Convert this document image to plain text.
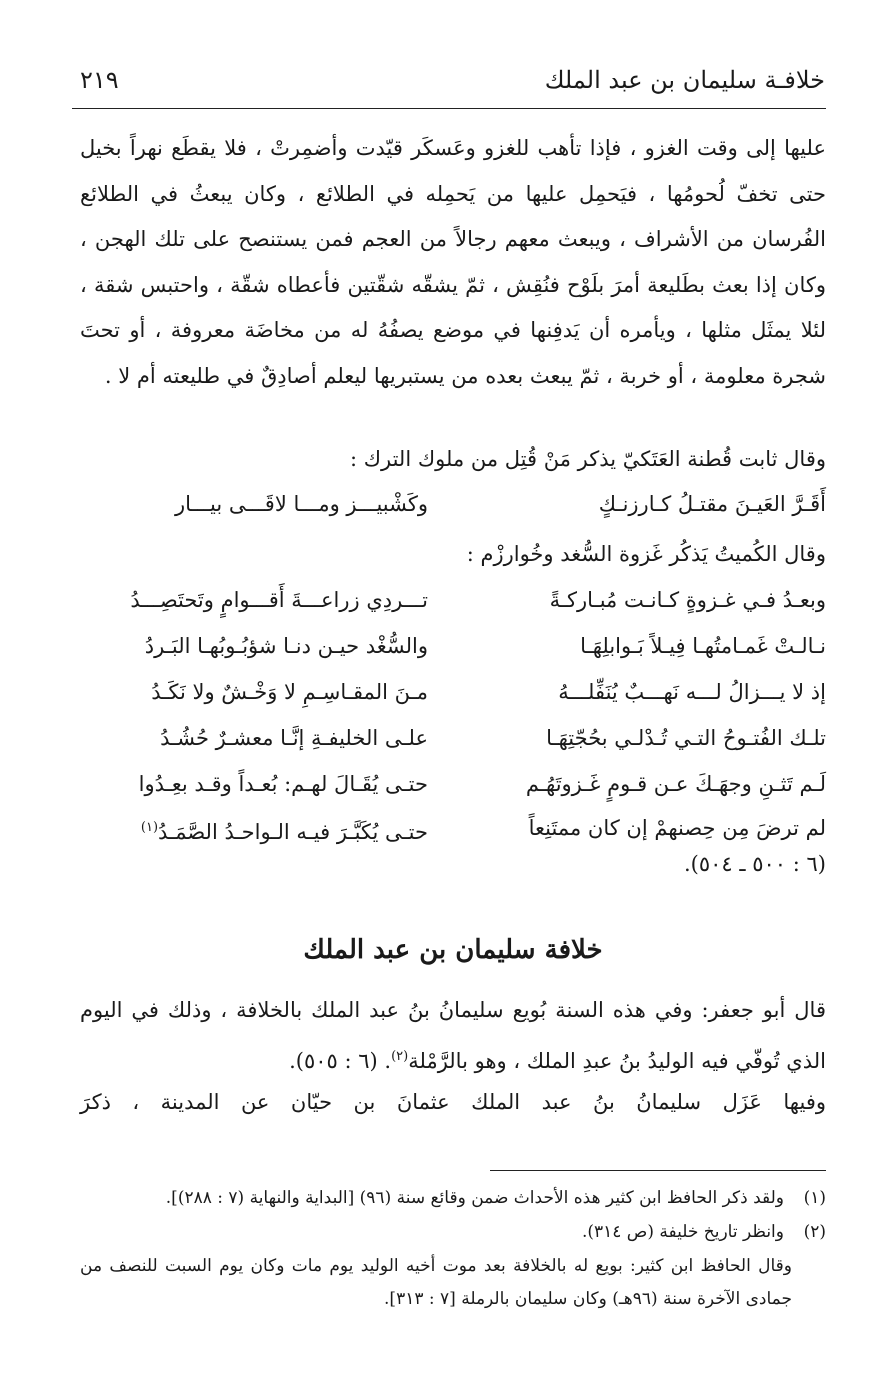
خلافـة سليمان بن عبد الملك
٢١٩
عليها إلى وقت الغزو ، فإذا تأهب للغزو وعَسكَر قيّدت وأضمِرتْ ، فلا يقطَع نهراً بخيل حتى تخفّ لُحومُها ، فيَحمِل عليها من يَحمِله في الطلائع ، وكان يبعثُ في الطلائع الفُرسان من الأشراف ، ويبعث معهم رجالاً من العجم فمن يستنصح على تلك الهجن ، وكان إذا بعث بطَليعة أمرَ بلَوْح فنُقِش ، ثمّ يشقّه شقّتين فأعطاه شقّة ، واحتبس شقة ، لئلا يمثَل مثلها ، ويأمره أن يَدفِنها في موضع يصفُهُ له من مخاضَة معروفة ، أو تحتَ شجرة معلومة ، أو خربة ، ثمّ يبعث بعده من يستبريها ليعلم أصادِقٌ في طليعته أم لا .
وقال ثابت قُطنة العَتَكيّ يذكر مَنْ قُتِل من ملوك الترك :
أَقَـرَّ العَيـنَ مقتـلُ كـارزنـكٍ
وكَشْبيـــز ومـــا لاقَـــى بيـــار
وقال الكُميتُ يَذكُر غَزوة السُّغد وخُوارزْم :
وبعـدُ فـي غـزوةٍ كـانـت مُبـاركـةً
تـــردِي زراعـــةَ أَقـــوامٍ وتَحتَصِـــدُ
نـالـتْ غَمـامتُهـا فِيـلاً بَـوابلِهَـا
والسُّغْد حيـن دنـا شؤبُـوبُهـا البَـردُ
إذ لا يـــزالُ لـــه نَهـــبٌ يُنَفِّلـــهُ
مـنَ المقـاسِـمِ لا وَخْـشٌ ولا نَكَـدُ
تلـك الفُتـوحُ التـي تُـدْلـي بحُجّتِهَـا
علـى الخليفـةِ إنَّـا معشـرٌ حُشُـدُ
لَـم تَثـنِ وجهَـكَ عـن قـومٍ غَـزوتَهُـم
حتـى يُقَـالَ لهـم: بُعـداً وقـد بعِـدُوا
لم ترضَ مِن حِصنهمْ إن كان ممتَنِعاً
حتـى يُكَبَّـرَ فيـه الـواحـدُ الصَّمَـدُ$^{(١)}$
(٦ : ٥٠٠ ـ ٥٠٤).
خلافة سليمان بن عبد الملك
قال أبو جعفر: وفي هذه السنة بُويع سليمانُ بنُ عبد الملك بالخلافة ، وذلك في اليوم الذي تُوفّي فيه الوليدُ بنُ عبدِ الملك ، وهو بالرَّمْلة$^{(٢)}$. (٦ : ٥٠٥).
وفيها عَزَل سليمانُ بنُ عبد الملك عثمانَ بن حيّان عن المدينة ، ذكرَ
(١)ولقد ذكر الحافظ ابن كثير هذه الأحداث ضمن وقائع سنة (٩٦) [البداية والنهاية (٧ : ٢٨٨)].
(٢)وانظر تاريخ خليفة (ص ٣١٤).
وقال الحافظ ابن كثير: بويع له بالخلافة بعد موت أخيه الوليد يوم مات وكان يوم السبت للنصف من جمادى الآخرة سنة (٩٦هـ) وكان سليمان بالرملة [٧ : ٣١٣].
